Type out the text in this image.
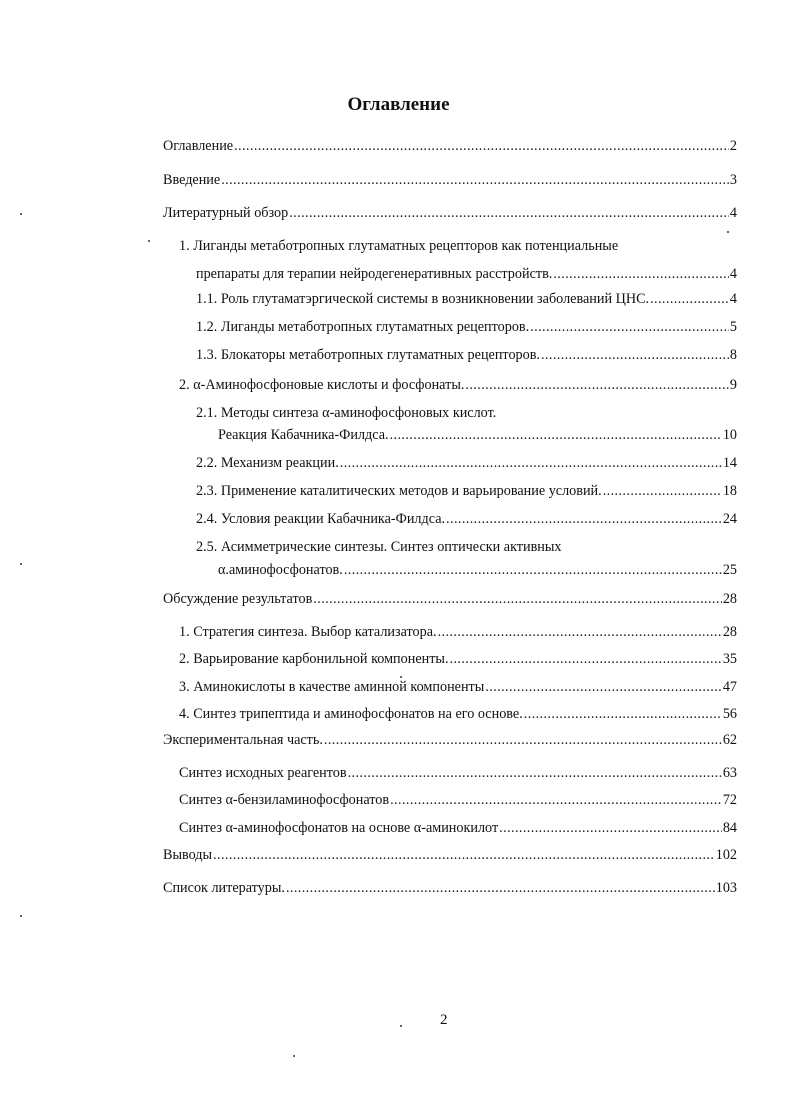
Оглавление
Оглавление .....	2
Введение .....	3
Литературный обзор .....	4
1. Лиганды метаботропных глутаматных рецепторов как потенциальные
препараты для терапии нейродегенеративных расстройств. .....	4
1.1. Роль глутаматэргической системы в возникновении заболеваний ЦНС. .....	4
1.2. Лиганды метаботропных глутаматных рецепторов. .....	5
1.3. Блокаторы метаботропных глутаматных рецепторов. .....	8
2. α-Аминофосфоновые кислоты и фосфонаты. .....	9
2.1. Методы синтеза α-аминофосфоновых кислот.
Реакция Кабачника-Филдса. .....	10
2.2. Механизм реакции. .....	14
2.3. Применение каталитических методов и варьирование условий. .....	18
2.4. Условия реакции Кабачника-Филдса. .....	24
2.5. Асимметрические синтезы. Синтез оптически активных
α.аминофосфонатов. .....	25
Обсуждение результатов .....	28
1. Стратегия синтеза. Выбор катализатора. .....	28
2. Варьирование карбонильной компоненты. .....	35
3. Аминокислоты в качестве аминной компоненты .....	47
4. Синтез трипептида и аминофосфонатов на его основе. .....	56
Экспериментальная часть. .....	62
Синтез исходных реагентов .....	63
Синтез α-бензиламинофосфонатов .....	72
Синтез α-аминофосфонатов на основе α-аминокилот .....	84
Выводы .....	102
Список литературы. .....	103
2
